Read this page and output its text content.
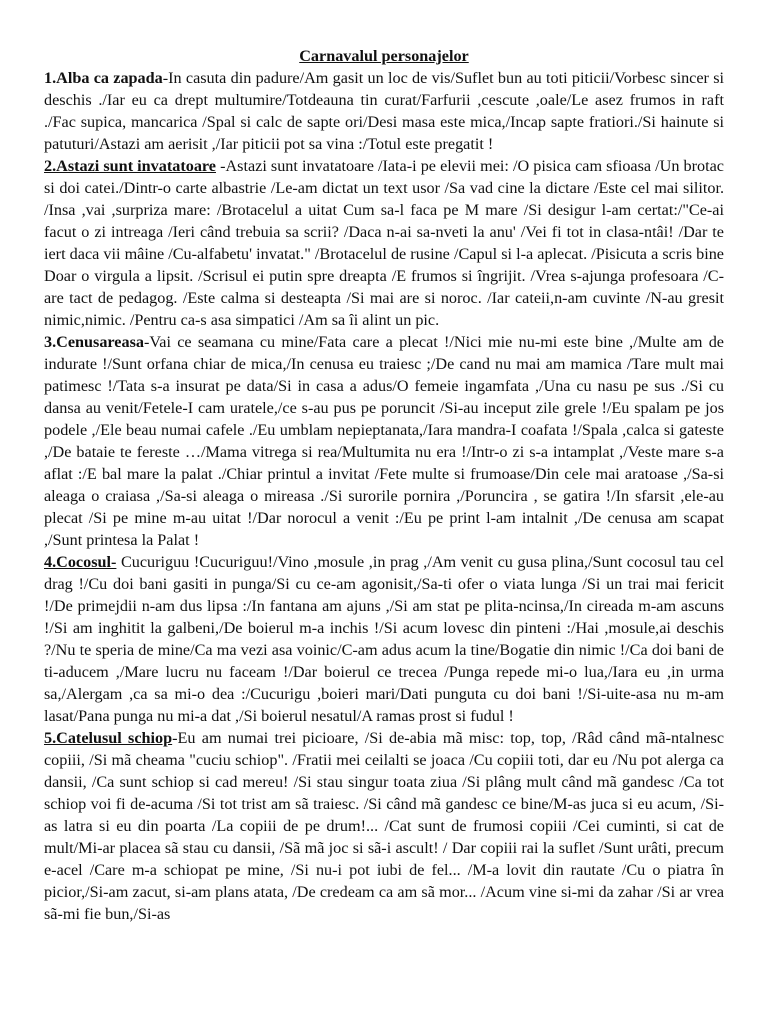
Carnavalul personajelor

1.Alba ca zapada-In casuta din padure/Am gasit un loc de vis/Suflet bun au toti piticii/Vorbesc sincer si deschis ./Iar eu ca drept multumire/Totdeauna tin curat/Farfurii ,cescute ,oale/Le asez frumos in raft ./Fac supica, mancarica /Spal si calc de sapte ori/Desi masa este mica,/Incap sapte fratiori./Si hainute si patuturi/Astazi am aerisit ,/Iar piticii pot sa vina :/Totul este pregatit !

2.Astazi sunt invatatoare -Astazi sunt invatatoare /Iata-i pe elevii mei: /O pisica cam sfioasa /Un brotac si doi catei./Dintr-o carte albastrie /Le-am dictat un text usor /Sa vad cine la dictare /Este cel mai silitor. /Insa ,vai ,surpriza mare: /Brotacelul a uitat Cum sa-l faca pe M mare /Si desigur l-am certat:/"Ce-ai facut o zi intreaga /Ieri când trebuia sa scrii? /Daca n-ai sa-nveti la anu' /Vei fi tot in clasa-ntâi! /Dar te iert daca vii mâine /Cu-alfabetu' invatat." /Brotacelul de rusine /Capul si l-a aplecat. /Pisicuta a scris bine Doar o virgula a lipsit. /Scrisul ei putin spre dreapta /E frumos si îngrijit. /Vrea s-ajunga profesoara /C-are tact de pedagog. /Este calma si desteapta /Si mai are si noroc. /Iar cateii,n-am cuvinte /N-au gresit nimic,nimic. /Pentru ca-s asa simpatici /Am sa îi alint un pic.

3.Cenusareasa-Vai ce seamana cu mine/Fata care a plecat !/Nici mie nu-mi este bine ,/Multe am de indurate !/Sunt orfana chiar de mica,/In cenusa eu traiesc ;/De cand nu mai am mamica /Tare mult mai patimesc !/Tata s-a insurat pe data/Si in casa a adus/O femeie ingamfata ,/Una cu nasu pe sus ./Si cu dansa au venit/Fetele-I cam uratele,/ce s-au pus pe poruncit /Si-au inceput zile grele !/Eu spalam pe jos podele ,/Ele beau numai cafele ./Eu umblam nepieptanata,/Iara mandra-I coafata !/Spala ,calca si gateste ,/De bataie te fereste …/Mama vitrega si rea/Multumita nu era !/Intr-o zi s-a intamplat ,/Veste mare s-a aflat :/E bal mare la palat ./Chiar printul a invitat /Fete multe si frumoase/Din cele mai aratoase ,/Sa-si aleaga o craiasa ,/Sa-si aleaga o mireasa ./Si surorile pornira ,/Poruncira , se gatira !/In sfarsit ,ele-au plecat /Si pe mine m-au uitat !/Dar norocul a venit :/Eu pe print l-am intalnit ,/De cenusa am scapat ,/Sunt printesa la Palat !

4.Cocosul- Cucuriguu !Cucuriguu!/Vino ,mosule ,in prag ,/Am venit cu gusa plina,/Sunt cocosul tau cel drag !/Cu doi bani gasiti in punga/Si cu ce-am agonisit,/Sa-ti ofer o viata lunga /Si un trai mai fericit !/De primejdii n-am dus lipsa :/In fantana am ajuns ,/Si am stat pe plita-ncinsa,/In cireada m-am ascuns !/Si am inghitit la galbeni,/De boierul m-a inchis !/Si acum lovesc din pinteni :/Hai ,mosule,ai deschis ?/Nu te speria de mine/Ca ma vezi asa voinic/C-am adus acum la tine/Bogatie din nimic !/Ca doi bani de ti-aducem ,/Mare lucru nu faceam !/Dar boierul ce trecea /Punga repede mi-o lua,/Iara eu ,in urma sa,/Alergam ,ca sa mi-o dea :/Cucurigu ,boieri mari/Dati punguta cu doi bani !/Si-uite-asa nu m-am lasat/Pana punga nu mi-a dat ,/Si boierul nesatul/A ramas prost si fudul !

5.Catelusul schiop-Eu am numai trei picioare, /Si de-abia mã misc: top, top, /Râd când mã-ntalnesc copiii, /Si mã cheama "cuciu schiop". /Fratii mei ceilalti se joaca /Cu copiii toti, dar eu /Nu pot alerga ca dansii, /Ca sunt schiop si cad mereu! /Si stau singur toata ziua /Si plâng mult când mã gandesc /Ca tot schiop voi fi de-acuma /Si tot trist am sã traiesc. /Si când mã gandesc ce bine/M-as juca si eu acum, /Si-as latra si eu din poarta /La copiii de pe drum!... /Cat sunt de frumosi copiii /Cei cuminti, si cat de mult/Mi-ar placea sã stau cu dansii, /Sã mã joc si sã-i ascult! / Dar copiii rai la suflet /Sunt urâti, precum e-acel /Care m-a schiopat pe mine, /Si nu-i pot iubi de fel... /M-a lovit din rautate /Cu o piatra în picior,/Si-am zacut, si-am plans atata, /De credeam ca am sã mor... /Acum vine si-mi da zahar /Si ar vrea sã-mi fie bun,/Si-as
